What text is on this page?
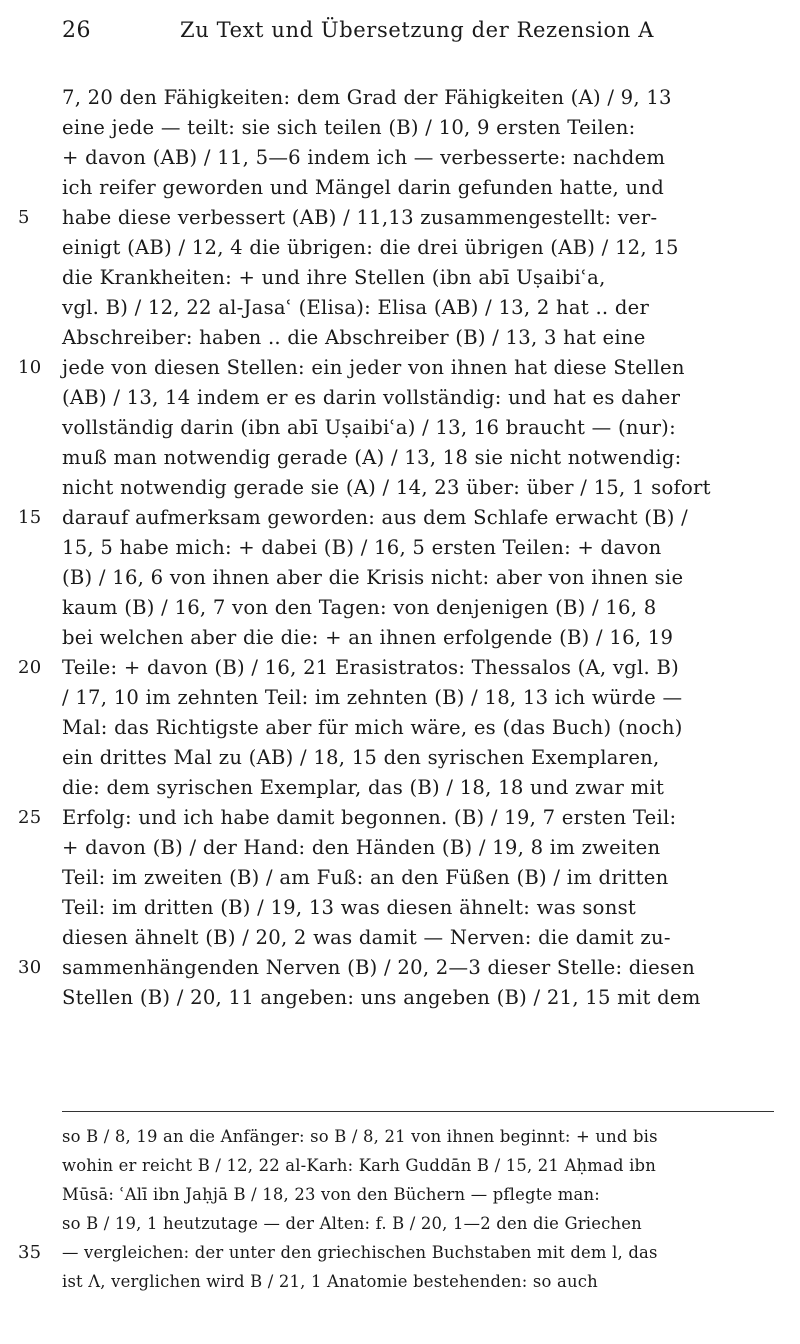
26	Zu Text und Übersetzung der Rezension A
7, 20 den Fähigkeiten: dem Grad der Fähigkeiten (A) / 9, 13
eine jede — teilt: sie sich teilen (B) / 10, 9 ersten Teilen:
+ davon (AB) / 11, 5—6 indem ich — verbesserte: nachdem
ich reifer geworden und Mängel darin gefunden hatte, und
5	habe diese verbessert (AB) / 11,13 zusammengestellt: ver-
einigt (AB) / 12, 4 die übrigen: die drei übrigen (AB) / 12, 15
die Krankheiten: + und ihre Stellen (ibn abī Uṣaibiʿa,
vgl. B) / 12, 22 al-Jasaʿ (Elisa): Elisa (AB) / 13, 2 hat .. der
Abschreiber: haben .. die Abschreiber (B) / 13, 3 hat eine
10	jede von diesen Stellen: ein jeder von ihnen hat diese Stellen
(AB) / 13, 14 indem er es darin vollständig: und hat es daher
vollständig darin (ibn abī Uṣaibiʿa) / 13, 16 braucht — (nur):
muß man notwendig gerade (A) / 13, 18 sie nicht notwendig:
nicht notwendig gerade sie (A) / 14, 23 über: über / 15, 1 sofort
15	darauf aufmerksam geworden: aus dem Schlafe erwacht (B) /
15, 5 habe mich: + dabei (B) / 16, 5 ersten Teilen: + davon
(B) / 16, 6 von ihnen aber die Krisis nicht: aber von ihnen sie
kaum (B) / 16, 7 von den Tagen: von denjenigen (B) / 16, 8
bei welchen aber die die: + an ihnen erfolgende (B) / 16, 19
20	Teile: + davon (B) / 16, 21 Erasistratos: Thessalos (A, vgl. B)
/ 17, 10 im zehnten Teil: im zehnten (B) / 18, 13 ich würde —
Mal: das Richtigste aber für mich wäre, es (das Buch) (noch)
ein drittes Mal zu (AB) / 18, 15 den syrischen Exemplaren,
die: dem syrischen Exemplar, das (B) / 18, 18 und zwar mit
25	Erfolg: und ich habe damit begonnen. (B) / 19, 7 ersten Teil:
+ davon (B) / der Hand: den Händen (B) / 19, 8 im zweiten
Teil: im zweiten (B) / am Fuß: an den Füßen (B) / im dritten
Teil: im dritten (B) / 19, 13 was diesen ähnelt: was sonst
diesen ähnelt (B) / 20, 2 was damit — Nerven: die damit zu-
30	sammenhängenden Nerven (B) / 20, 2—3 dieser Stelle: diesen
Stellen (B) / 20, 11 angeben: uns angeben (B) / 21, 15 mit dem
so B / 8, 19 an die Anfänger: so B / 8, 21 von ihnen beginnt: + und bis
wohin er reicht B / 12, 22 al-Karh: Karh Guddān B / 15, 21 Aḥmad ibn
Mūsā: ʿAlī ibn Jaḥjā B / 18, 23 von den Büchern — pflegte man:
so B / 19, 1 heutzutage — der Alten: f. B / 20, 1—2 den die Griechen
35 — vergleichen: der unter den griechischen Buchstaben mit dem l, das
ist Λ, verglichen wird B / 21, 1 Anatomie bestehenden: so auch
